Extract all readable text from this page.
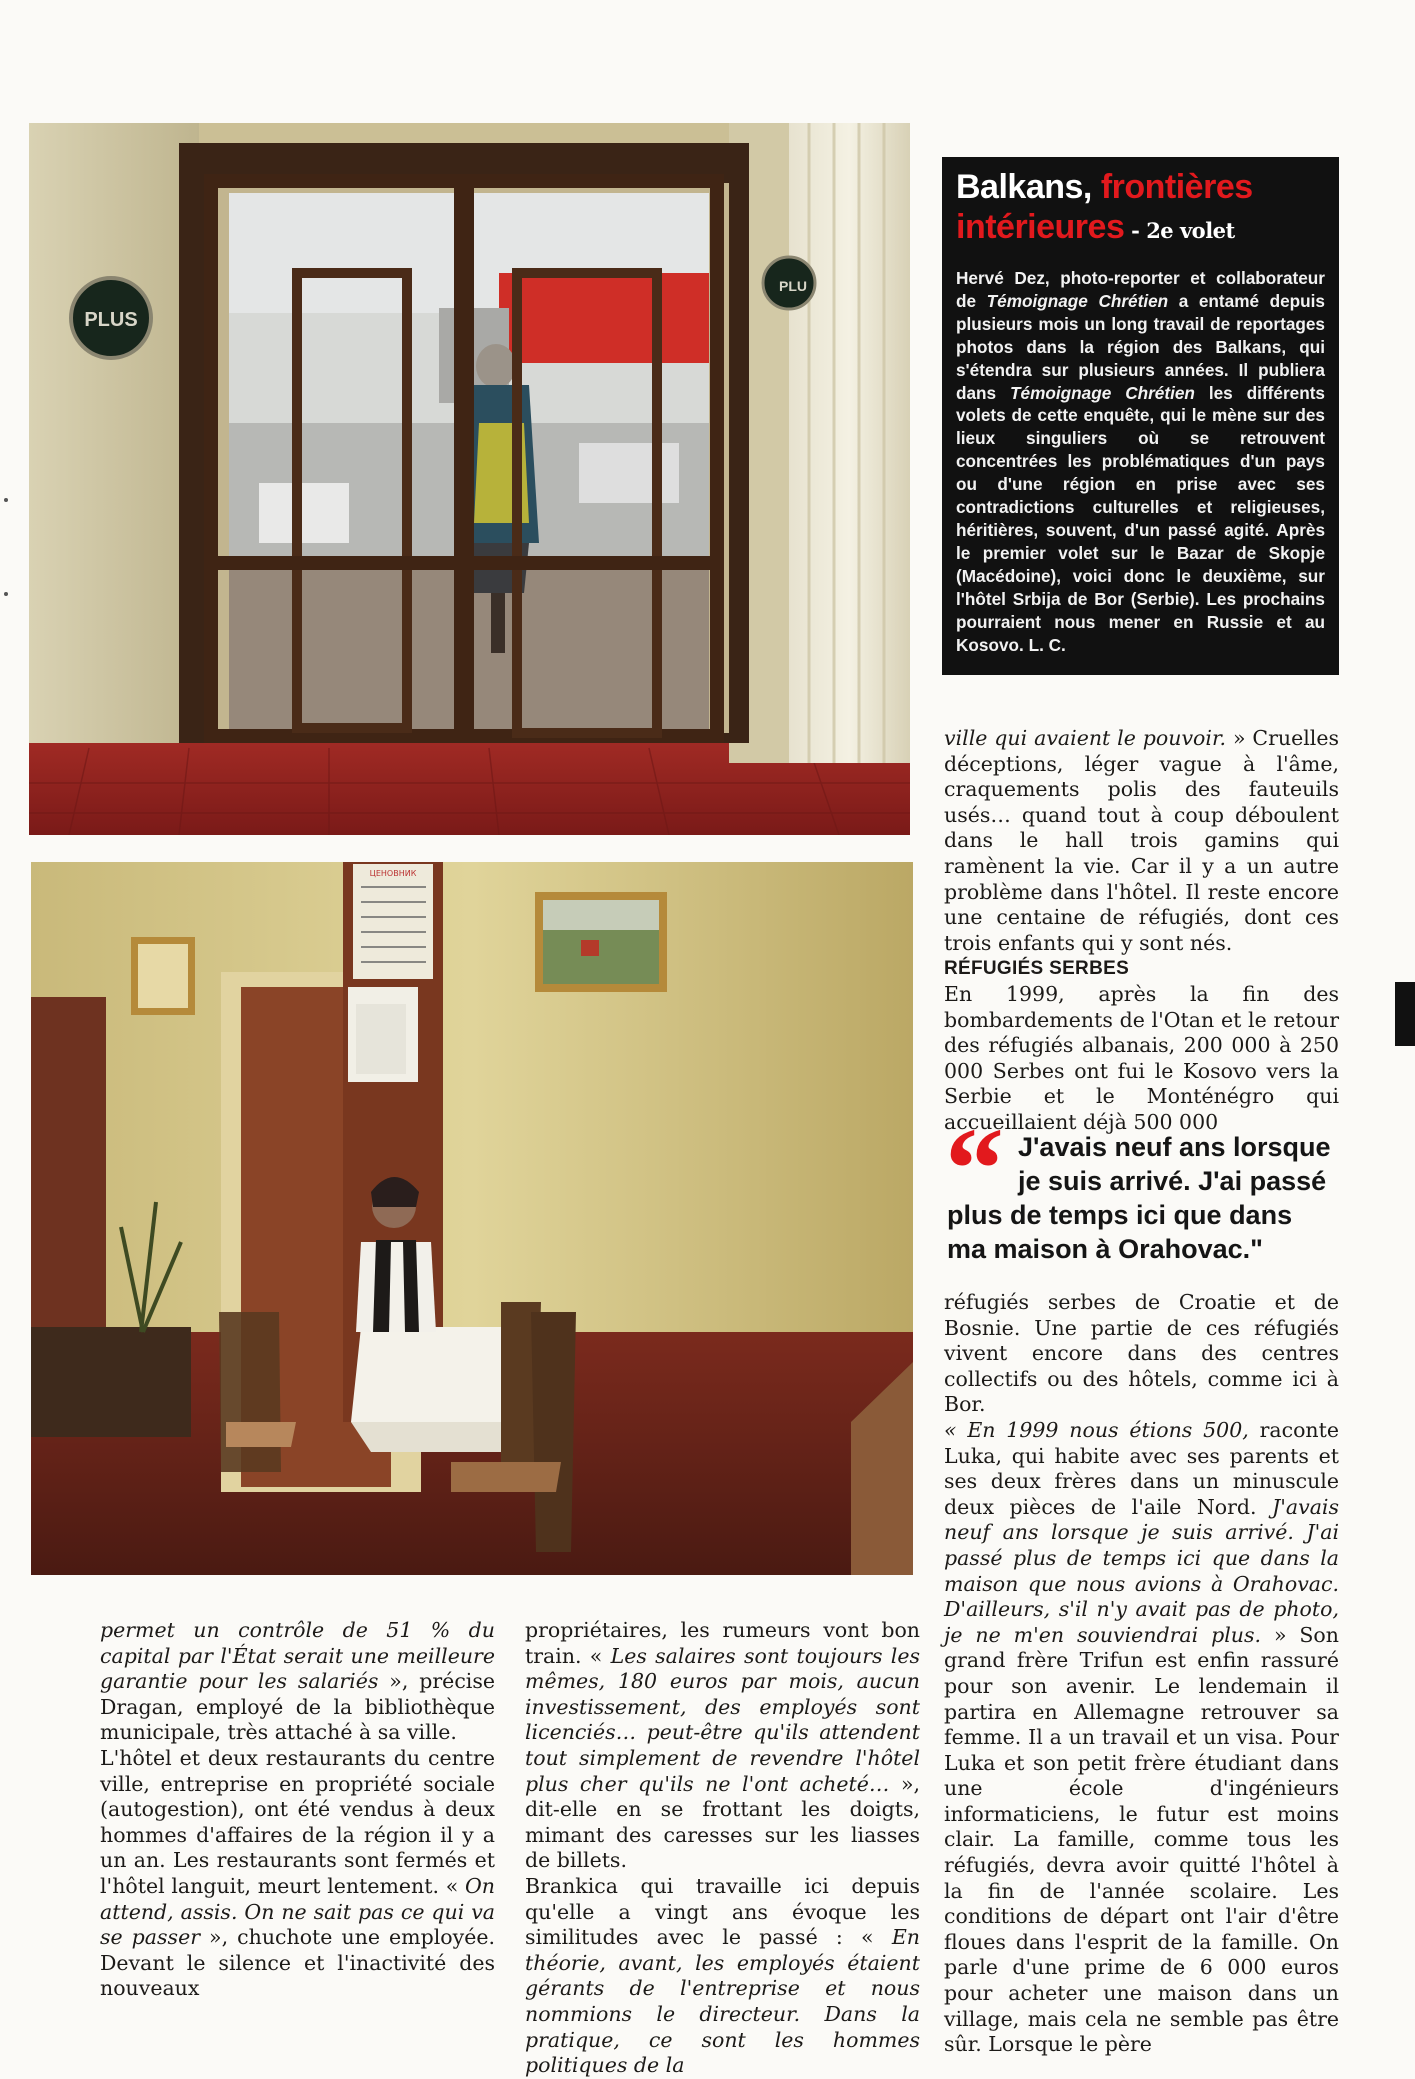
PLUS
PLU
Balkans, frontières
intérieures - 2e volet
Hervé Dez, photo-reporter et collaborateur de Témoignage Chrétien a entamé depuis plusieurs mois un long travail de reportages photos dans la région des Balkans, qui s'étendra sur plusieurs années. Il publiera dans Témoignage Chrétien les différents volets de cette enquête, qui le mène sur des lieux singuliers où se retrouvent concentrées les problématiques d'un pays ou d'une région en prise avec ses contradictions culturelles et religieuses, héritières, souvent, d'un passé agité. Après le premier volet sur le Bazar de Skopje (Macédoine), voici donc le deuxième, sur l'hôtel Srbija de Bor (Serbie). Les prochains pourraient nous mener en Russie et au Kosovo. L. C.

ville qui avaient le pouvoir. » Cruelles déceptions, léger vague à l'âme, craquements polis des fauteuils usés… quand tout à coup déboulent dans le hall trois gamins qui ramènent la vie. Car il y a un autre problème dans l'hôtel. Il reste encore une centaine de réfugiés, dont ces trois enfants qui y sont nés.

RÉFUGIÉS SERBES

En 1999, après la fin des bombardements de l'Otan et le retour des réfugiés albanais, 200 000 à 250 000 Serbes ont fui le Kosovo vers la Serbie et le Monténégro qui accueillaient déjà 500 000

“ J'avais neuf ans lorsque
je suis arrivé. J'ai passé
plus de temps ici que dans
ma maison à Orahovac."

réfugiés serbes de Croatie et de Bosnie. Une partie de ces réfugiés vivent encore dans des centres collectifs ou des hôtels, comme ici à Bor.

« En 1999 nous étions 500, raconte Luka, qui habite avec ses parents et ses deux frères dans un minuscule deux pièces de l'aile Nord. J'avais neuf ans lorsque je suis arrivé. J'ai passé plus de temps ici que dans la maison que nous avions à Orahovac. D'ailleurs, s'il n'y avait pas de photo, je ne m'en souviendrai plus. » Son grand frère Trifun est enfin rassuré pour son avenir. Le lendemain il partira en Allemagne retrouver sa femme. Il a un travail et un visa. Pour Luka et son petit frère étudiant dans une école d'ingénieurs informaticiens, le futur est moins clair. La famille, comme tous les réfugiés, devra avoir quitté l'hôtel à la fin de l'année scolaire. Les conditions de départ ont l'air d'être floues dans l'esprit de la famille. On parle d'une prime de 6 000 euros pour acheter une maison dans un village, mais cela ne semble pas être sûr. Lorsque le père

ЦЕНОВНИК

permet un contrôle de 51 % du capital par l'État serait une meilleure garantie pour les salariés », précise Dragan, employé de la bibliothèque municipale, très attaché à sa ville.

L'hôtel et deux restaurants du centre ville, entreprise en propriété sociale (autogestion), ont été vendus à deux hommes d'affaires de la région il y a un an. Les restaurants sont fermés et l'hôtel languit, meurt lentement. « On attend, assis. On ne sait pas ce qui va se passer », chuchote une employée. Devant le silence et l'inactivité des nouveaux

propriétaires, les rumeurs vont bon train. « Les salaires sont toujours les mêmes, 180 euros par mois, aucun investissement, des employés sont licenciés… peut-être qu'ils attendent tout simplement de revendre l'hôtel plus cher qu'ils ne l'ont acheté… », dit-elle en se frottant les doigts, mimant des caresses sur les liasses de billets.

Brankica qui travaille ici depuis qu'elle a vingt ans évoque les similitudes avec le passé : « En théorie, avant, les employés étaient gérants de l'entreprise et nous nommions le directeur. Dans la pratique, ce sont les hommes politiques de la
